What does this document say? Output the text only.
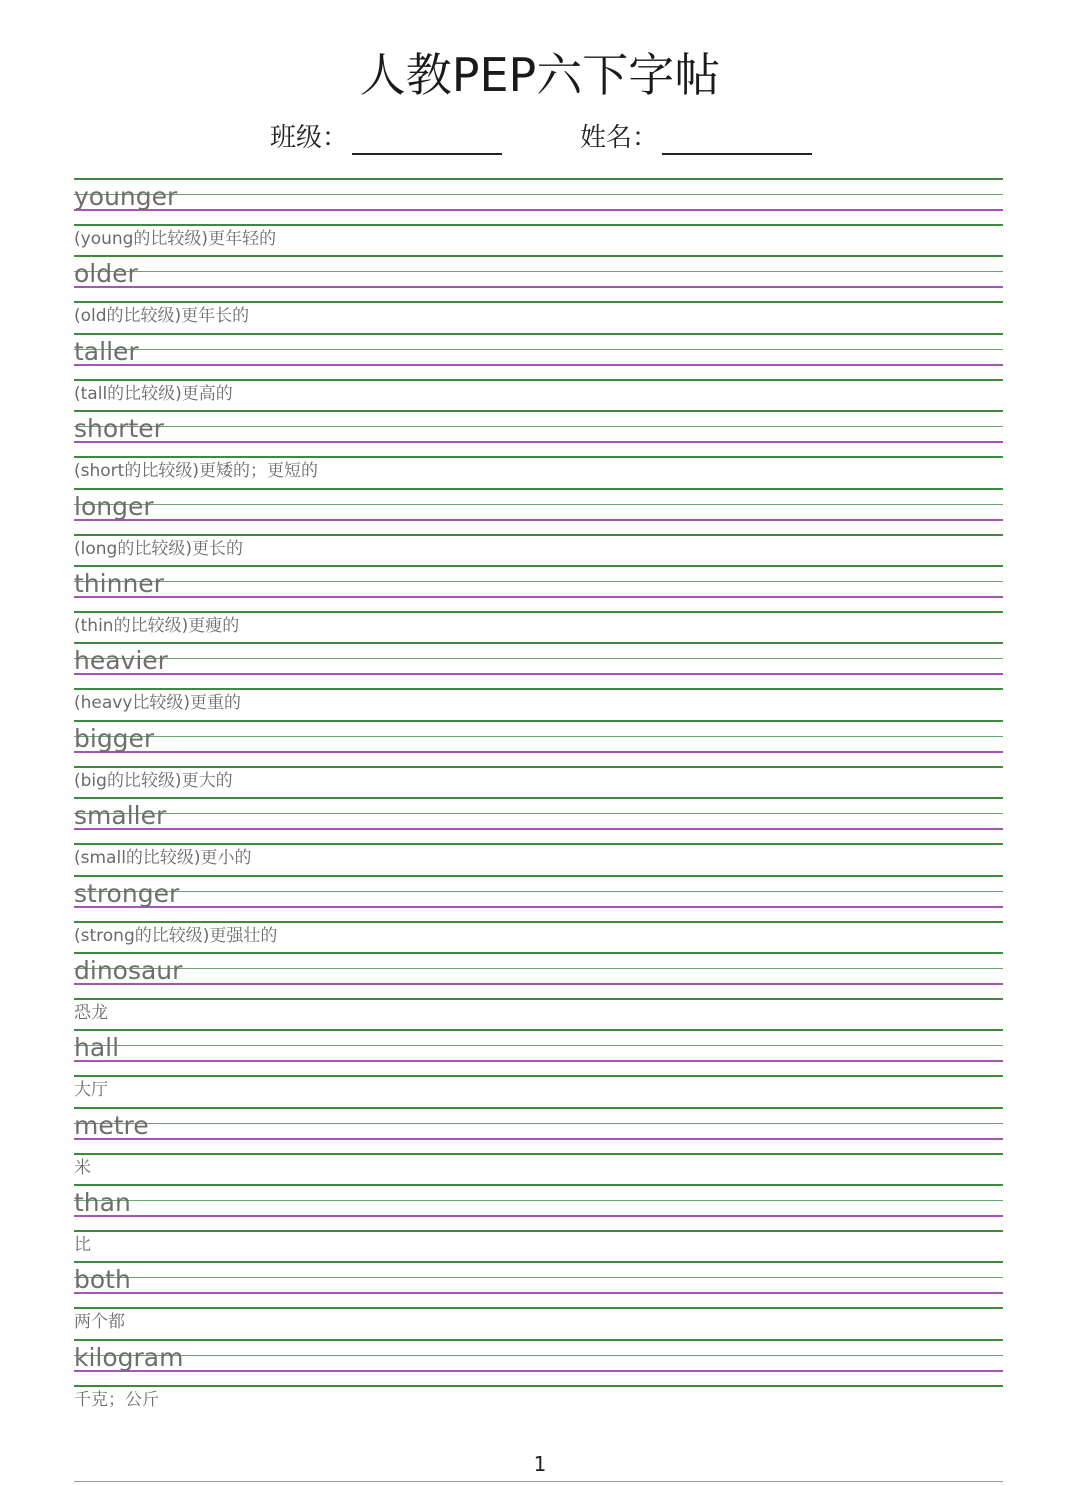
人教PEP六下字帖
班级：	姓名：
younger
(young的比较级)更年轻的
older
(old的比较级)更年长的
taller
(tall的比较级)更高的
shorter
(short的比较级)更矮的；更短的
longer
(long的比较级)更长的
thinner
(thin的比较级)更瘦的
heavier
(heavy比较级)更重的
bigger
(big的比较级)更大的
smaller
(small的比较级)更小的
stronger
(strong的比较级)更强壮的
dinosaur
恐龙
hall
大厅
metre
米
than
比
both
两个都
kilogram
千克；公斤
1
